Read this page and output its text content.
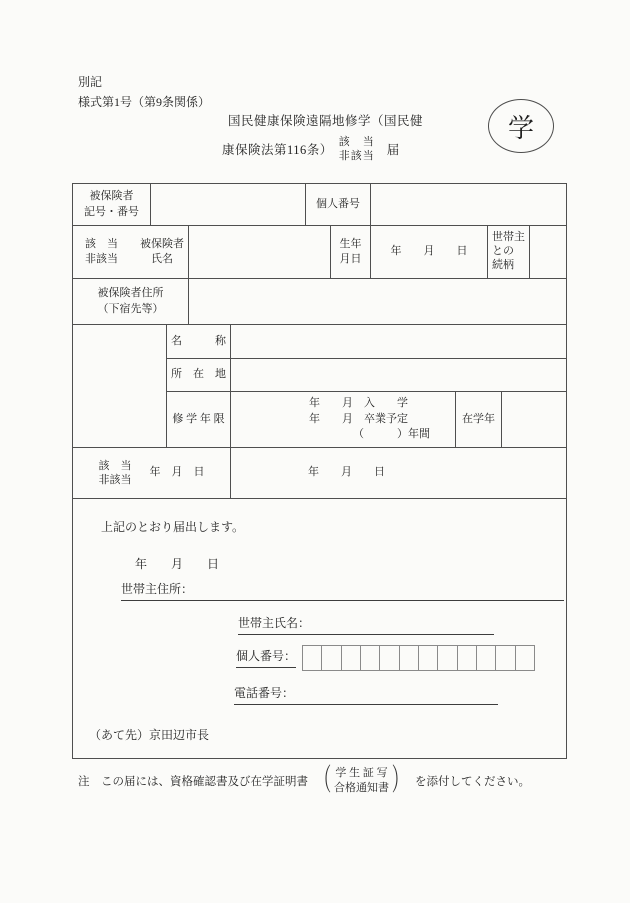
別記
様式第1号（第9条関係）
国民健康保険遠隔地修学（国民健
康保険法第116条）
該　当
非該当 届
学
被保険者
記号・番号
個人番号
該　当　　被保険者
非該当　　　氏名
生年
月日
年　　月　　日
世帯主
との
続柄
被保険者住所
（下宿先等）
名　　　称
所　在　地
修 学 年 限
年　　月　入　　学
年　　月　卒業予定
（　　　）年間
在学年
該　当
非該当
年　月　日	年　　月　　日
上記のとおり届出します。
年　　月　　日
世帯主住所：
世帯主氏名：
個人番号：
電話番号：
（あて先）京田辺市長
注　この届には、資格確認書及び在学証明書 （ 学 生 証 写
合格通知書 ） を添付してください。
